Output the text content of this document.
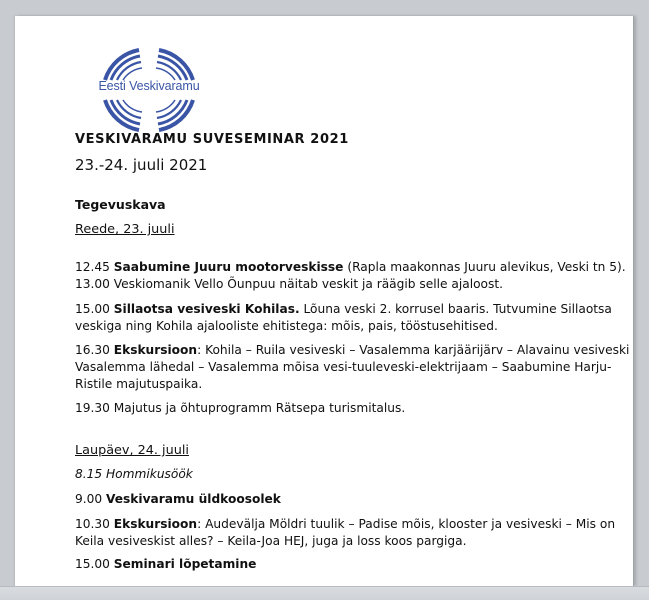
Eesti Veskivaramu
VESKIVARAMU SUVESEMINAR 2021
23.-24. juuli 2021
Tegevuskava
Reede, 23. juuli
12.45 Saabumine Juuru mootorveskisse (Rapla maakonnas Juuru alevikus, Veski tn 5).
13.00 Veskiomanik Vello Õunpuu näitab veskit ja räägib selle ajaloost.
15.00 Sillaotsa vesiveski Kohilas. Lõuna veski 2. korrusel baaris. Tutvumine Sillaotsa
veskiga ning Kohila ajalooliste ehitistega: mõis, pais, tööstusehitised.
16.30 Ekskursioon: Kohila – Ruila vesiveski – Vasalemma karjäärijärv – Alavainu vesiveski
Vasalemma lähedal – Vasalemma mõisa vesi-tuuleveski-elektrijaam – Saabumine Harju-
Ristile majutuspaika.
19.30 Majutus ja õhtuprogramm Rätsepa turismitalus.
Laupäev, 24. juuli
8.15 Hommikusöök
9.00 Veskivaramu üldkoosolek
10.30 Ekskursioon: Audevälja Möldri tuulik – Padise mõis, klooster ja vesiveski – Mis on
Keila vesiveskist alles? – Keila-Joa HEJ, juga ja loss koos pargiga.
15.00 Seminari lõpetamine
